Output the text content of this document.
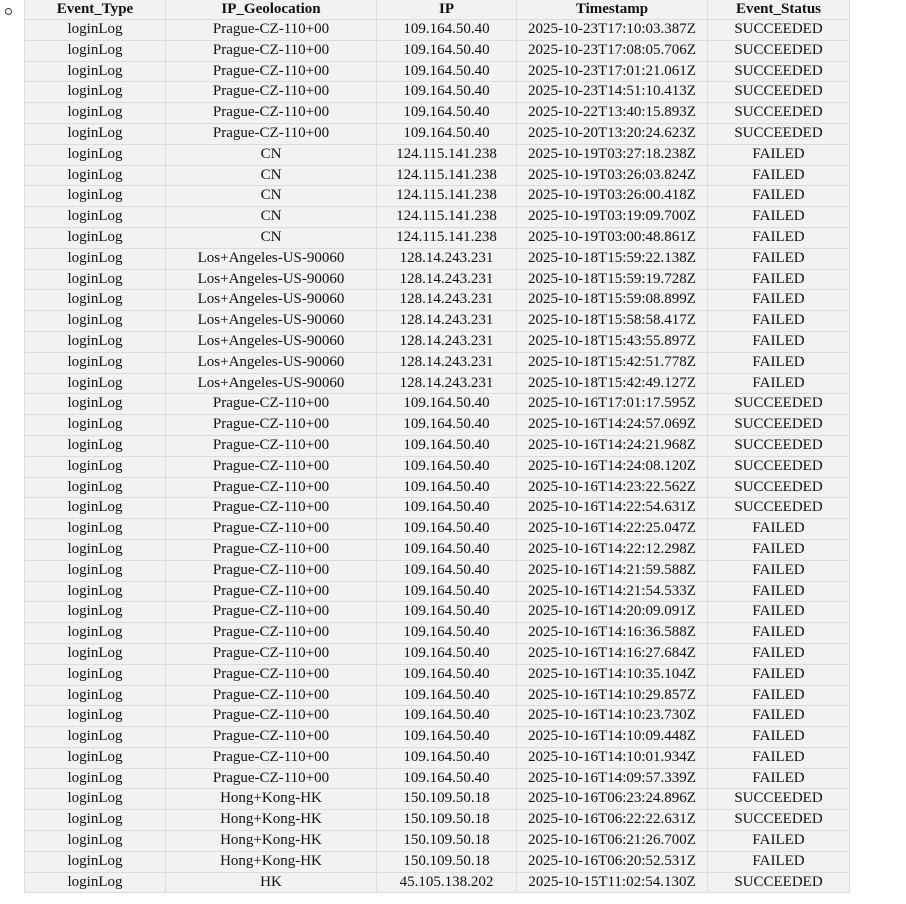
Event_Type	IP_Geolocation	IP	Timestamp	Event_Status
loginLog	Prague-CZ-110+00	109.164.50.40	2025-10-23T17:10:03.387Z	SUCCEEDED
loginLog	Prague-CZ-110+00	109.164.50.40	2025-10-23T17:08:05.706Z	SUCCEEDED
loginLog	Prague-CZ-110+00	109.164.50.40	2025-10-23T17:01:21.061Z	SUCCEEDED
loginLog	Prague-CZ-110+00	109.164.50.40	2025-10-23T14:51:10.413Z	SUCCEEDED
loginLog	Prague-CZ-110+00	109.164.50.40	2025-10-22T13:40:15.893Z	SUCCEEDED
loginLog	Prague-CZ-110+00	109.164.50.40	2025-10-20T13:20:24.623Z	SUCCEEDED
loginLog	CN	124.115.141.238	2025-10-19T03:27:18.238Z	FAILED
loginLog	CN	124.115.141.238	2025-10-19T03:26:03.824Z	FAILED
loginLog	CN	124.115.141.238	2025-10-19T03:26:00.418Z	FAILED
loginLog	CN	124.115.141.238	2025-10-19T03:19:09.700Z	FAILED
loginLog	CN	124.115.141.238	2025-10-19T03:00:48.861Z	FAILED
loginLog	Los+Angeles-US-90060	128.14.243.231	2025-10-18T15:59:22.138Z	FAILED
loginLog	Los+Angeles-US-90060	128.14.243.231	2025-10-18T15:59:19.728Z	FAILED
loginLog	Los+Angeles-US-90060	128.14.243.231	2025-10-18T15:59:08.899Z	FAILED
loginLog	Los+Angeles-US-90060	128.14.243.231	2025-10-18T15:58:58.417Z	FAILED
loginLog	Los+Angeles-US-90060	128.14.243.231	2025-10-18T15:43:55.897Z	FAILED
loginLog	Los+Angeles-US-90060	128.14.243.231	2025-10-18T15:42:51.778Z	FAILED
loginLog	Los+Angeles-US-90060	128.14.243.231	2025-10-18T15:42:49.127Z	FAILED
loginLog	Prague-CZ-110+00	109.164.50.40	2025-10-16T17:01:17.595Z	SUCCEEDED
loginLog	Prague-CZ-110+00	109.164.50.40	2025-10-16T14:24:57.069Z	SUCCEEDED
loginLog	Prague-CZ-110+00	109.164.50.40	2025-10-16T14:24:21.968Z	SUCCEEDED
loginLog	Prague-CZ-110+00	109.164.50.40	2025-10-16T14:24:08.120Z	SUCCEEDED
loginLog	Prague-CZ-110+00	109.164.50.40	2025-10-16T14:23:22.562Z	SUCCEEDED
loginLog	Prague-CZ-110+00	109.164.50.40	2025-10-16T14:22:54.631Z	SUCCEEDED
loginLog	Prague-CZ-110+00	109.164.50.40	2025-10-16T14:22:25.047Z	FAILED
loginLog	Prague-CZ-110+00	109.164.50.40	2025-10-16T14:22:12.298Z	FAILED
loginLog	Prague-CZ-110+00	109.164.50.40	2025-10-16T14:21:59.588Z	FAILED
loginLog	Prague-CZ-110+00	109.164.50.40	2025-10-16T14:21:54.533Z	FAILED
loginLog	Prague-CZ-110+00	109.164.50.40	2025-10-16T14:20:09.091Z	FAILED
loginLog	Prague-CZ-110+00	109.164.50.40	2025-10-16T14:16:36.588Z	FAILED
loginLog	Prague-CZ-110+00	109.164.50.40	2025-10-16T14:16:27.684Z	FAILED
loginLog	Prague-CZ-110+00	109.164.50.40	2025-10-16T14:10:35.104Z	FAILED
loginLog	Prague-CZ-110+00	109.164.50.40	2025-10-16T14:10:29.857Z	FAILED
loginLog	Prague-CZ-110+00	109.164.50.40	2025-10-16T14:10:23.730Z	FAILED
loginLog	Prague-CZ-110+00	109.164.50.40	2025-10-16T14:10:09.448Z	FAILED
loginLog	Prague-CZ-110+00	109.164.50.40	2025-10-16T14:10:01.934Z	FAILED
loginLog	Prague-CZ-110+00	109.164.50.40	2025-10-16T14:09:57.339Z	FAILED
loginLog	Hong+Kong-HK	150.109.50.18	2025-10-16T06:23:24.896Z	SUCCEEDED
loginLog	Hong+Kong-HK	150.109.50.18	2025-10-16T06:22:22.631Z	SUCCEEDED
loginLog	Hong+Kong-HK	150.109.50.18	2025-10-16T06:21:26.700Z	FAILED
loginLog	Hong+Kong-HK	150.109.50.18	2025-10-16T06:20:52.531Z	FAILED
loginLog	HK	45.105.138.202	2025-10-15T11:02:54.130Z	SUCCEEDED
